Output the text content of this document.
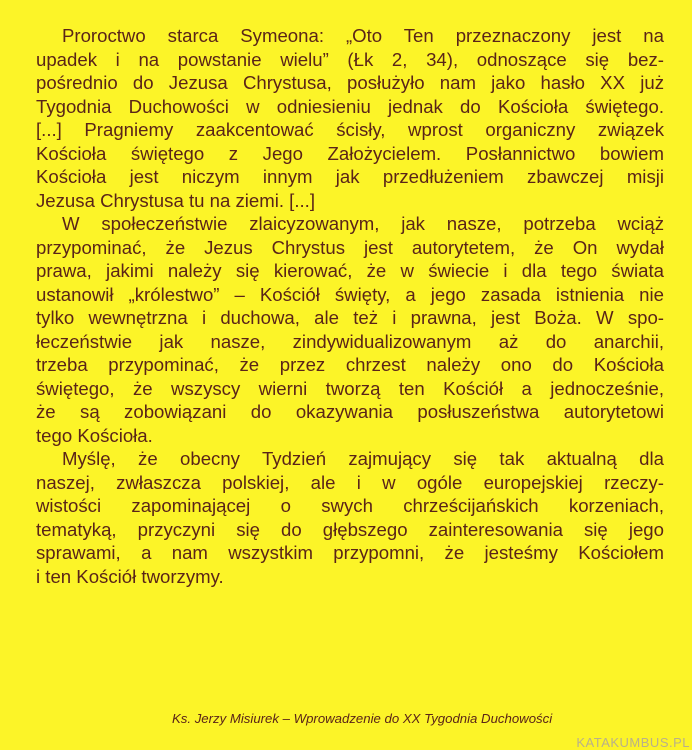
Proroctwo starca Symeona: „Oto Ten przeznaczony jest na
upadek i na powstanie wielu” (Łk 2, 34), odnoszące się bez-
pośrednio do Jezusa Chrystusa, posłużyło nam jako hasło XX już
Tygodnia Duchowości w odniesieniu jednak do Kościoła świętego.
[...] Pragniemy zaakcentować ścisły, wprost organiczny związek
Kościoła świętego z Jego Założycielem. Posłannictwo bowiem
Kościoła jest niczym innym jak przedłużeniem zbawczej misji
Jezusa Chrystusa tu na ziemi. [...]
W społeczeństwie zlaicyzowanym, jak nasze, potrzeba wciąż
przypominać, że Jezus Chrystus jest autorytetem, że On wydał
prawa, jakimi należy się kierować, że w świecie i dla tego świata
ustanowił „królestwo” – Kościół święty, a jego zasada istnienia nie
tylko wewnętrzna i duchowa, ale też i prawna, jest Boża. W spo-
łeczeństwie jak nasze, zindywidualizowanym aż do anarchii,
trzeba przypominać, że przez chrzest należy ono do Kościoła
świętego, że wszyscy wierni tworzą ten Kościół a jednocześnie,
że są zobowiązani do okazywania posłuszeństwa autorytetowi
tego Kościoła.
Myślę, że obecny Tydzień zajmujący się tak aktualną dla
naszej, zwłaszcza polskiej, ale i w ogóle europejskiej rzeczy-
wistości zapominającej o swych chrześcijańskich korzeniach,
tematyką, przyczyni się do głębszego zainteresowania się jego
sprawami, a nam wszystkim przypomni, że jesteśmy Kościołem
i ten Kościół tworzymy.
Ks. Jerzy Misiurek – Wprowadzenie do XX Tygodnia Duchowości
KATAKUMBUS.PL
